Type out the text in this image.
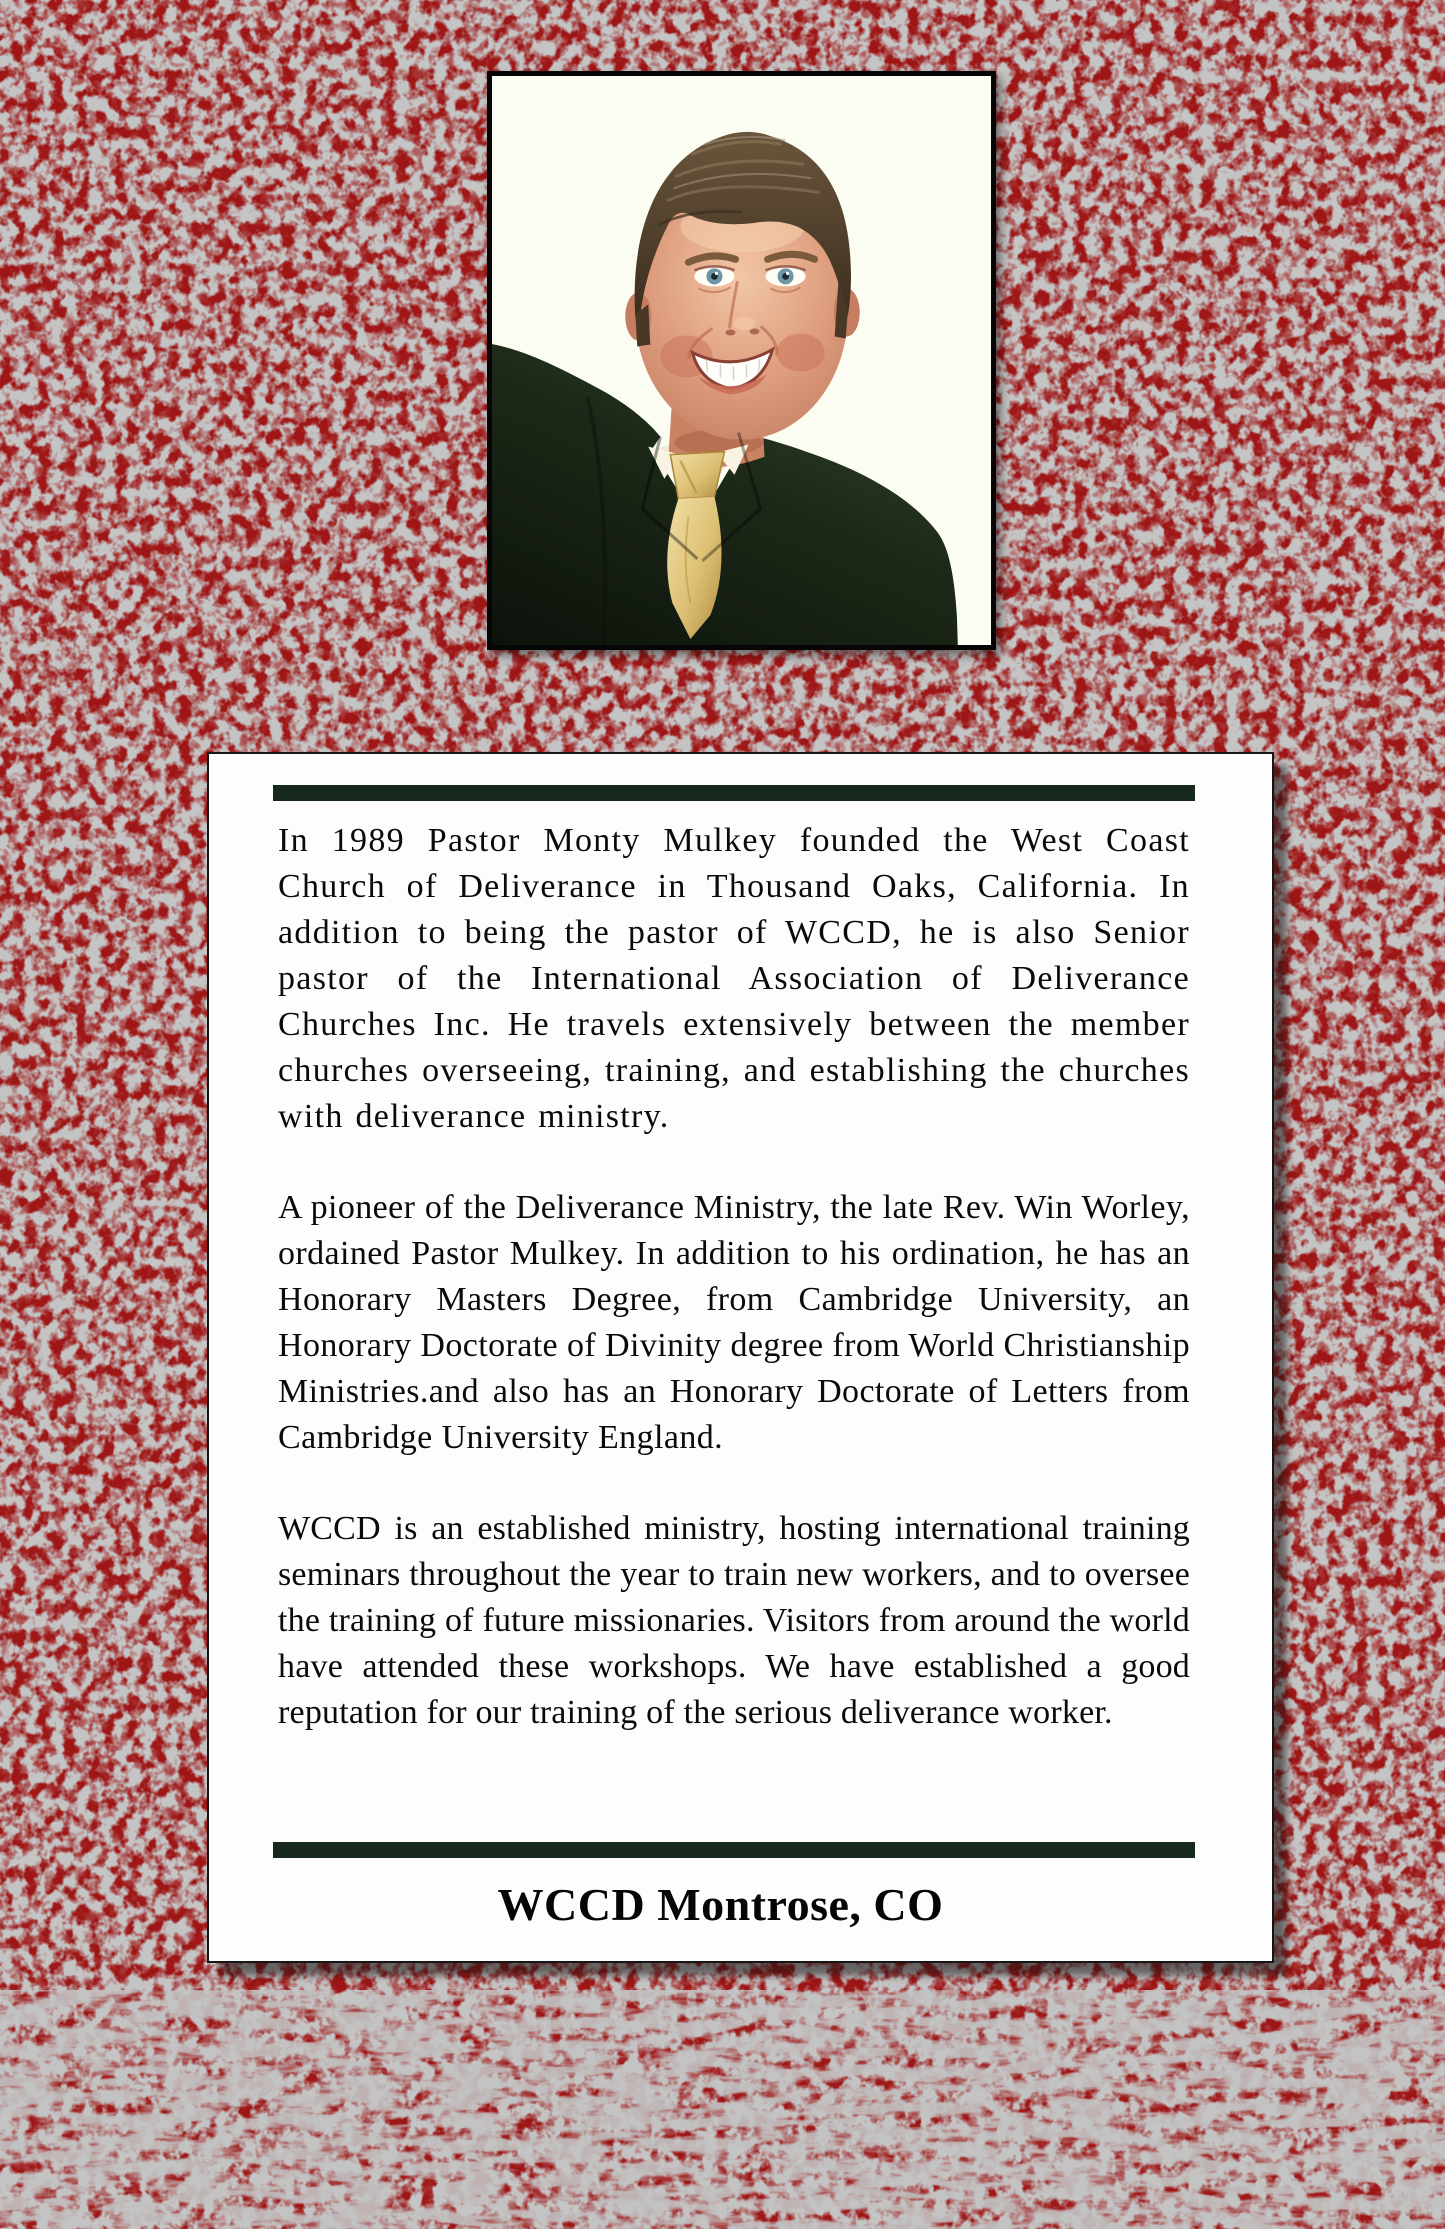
In 1989 Pastor Monty Mulkey founded the West Coast Church of Deliverance in Thousand Oaks, California. In addition to being the pastor of WCCD, he is also Senior pastor of the International Association of Deliverance Churches Inc. He travels extensively between the member churches overseeing, training, and establishing the churches with deliverance ministry.

A pioneer of the Deliverance Ministry, the late Rev. Win Worley, ordained Pastor Mulkey. In addition to his ordination, he has an Honorary Masters Degree, from Cambridge University, an Honorary Doctorate of Divinity degree from World Christianship Ministries.and also has an Honorary Doctorate of Letters from Cambridge University England.

WCCD is an established ministry, hosting international training seminars throughout the year to train new workers, and to oversee the training of future missionaries. Visitors from around the world have attended these workshops. We have established a good reputation for our training of the serious deliverance worker.

WCCD Montrose, CO
